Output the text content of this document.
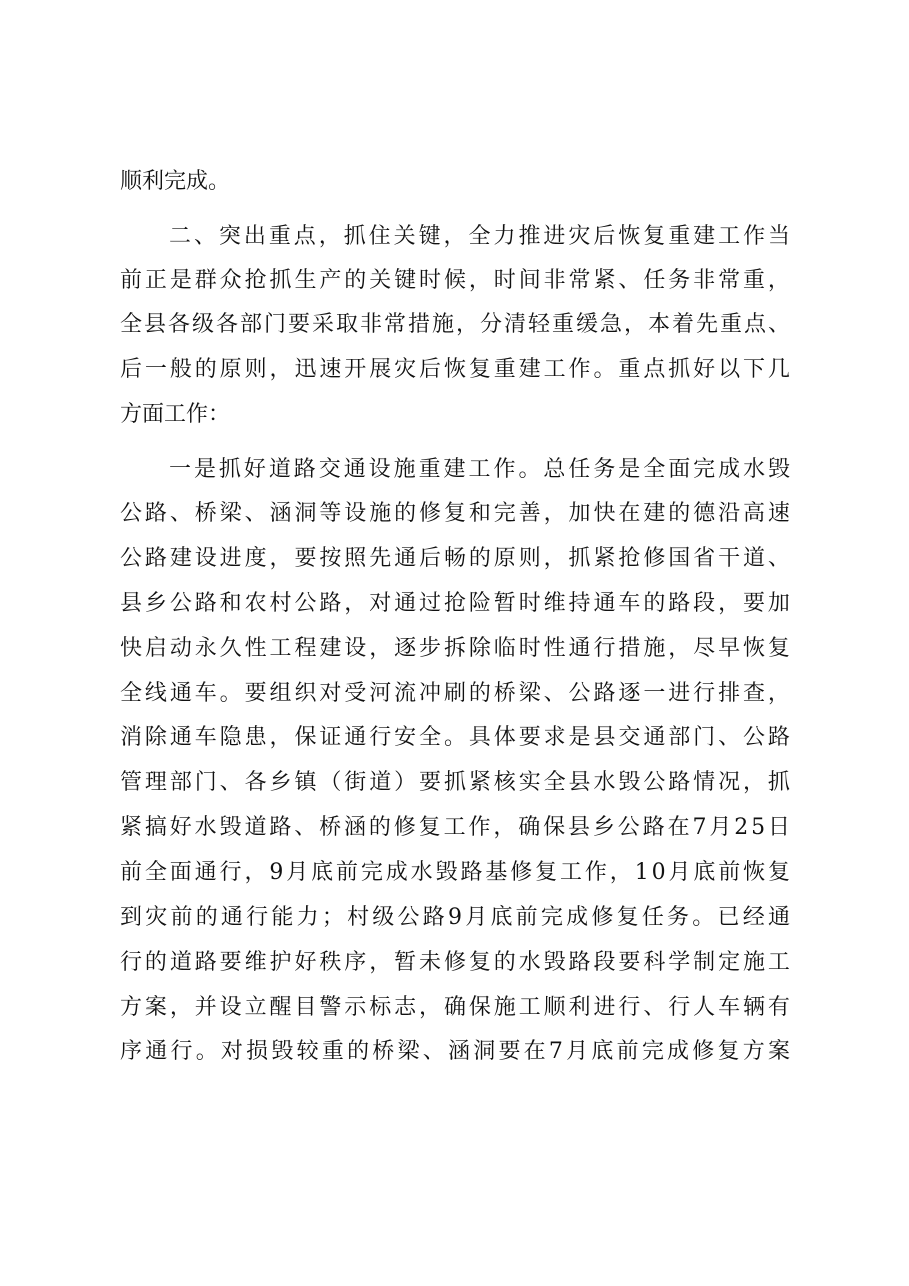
顺利完成。
二、突出重点，抓住关键，全力推进灾后恢复重建工作当
前正是群众抢抓生产的关键时候，时间非常紧、任务非常重，
全县各级各部门要采取非常措施，分清轻重缓急，本着先重点、
后一般的原则，迅速开展灾后恢复重建工作。重点抓好以下几
方面工作：
一是抓好道路交通设施重建工作。总任务是全面完成水毁
公路、桥梁、涵洞等设施的修复和完善，加快在建的德沿高速
公路建设进度，要按照先通后畅的原则，抓紧抢修国省干道、
县乡公路和农村公路，对通过抢险暂时维持通车的路段，要加
快启动永久性工程建设，逐步拆除临时性通行措施，尽早恢复
全线通车。要组织对受河流冲刷的桥梁、公路逐一进行排查，
消除通车隐患，保证通行安全。具体要求是县交通部门、公路
管理部门、各乡镇（街道）要抓紧核实全县水毁公路情况，抓
紧搞好水毁道路、桥涵的修复工作，确保县乡公路在7月25日
前全面通行，9月底前完成水毁路基修复工作，10月底前恢复
到灾前的通行能力；村级公路9月底前完成修复任务。已经通
行的道路要维护好秩序，暂未修复的水毁路段要科学制定施工
方案，并设立醒目警示标志，确保施工顺利进行、行人车辆有
序通行。对损毁较重的桥梁、涵洞要在7月底前完成修复方案
